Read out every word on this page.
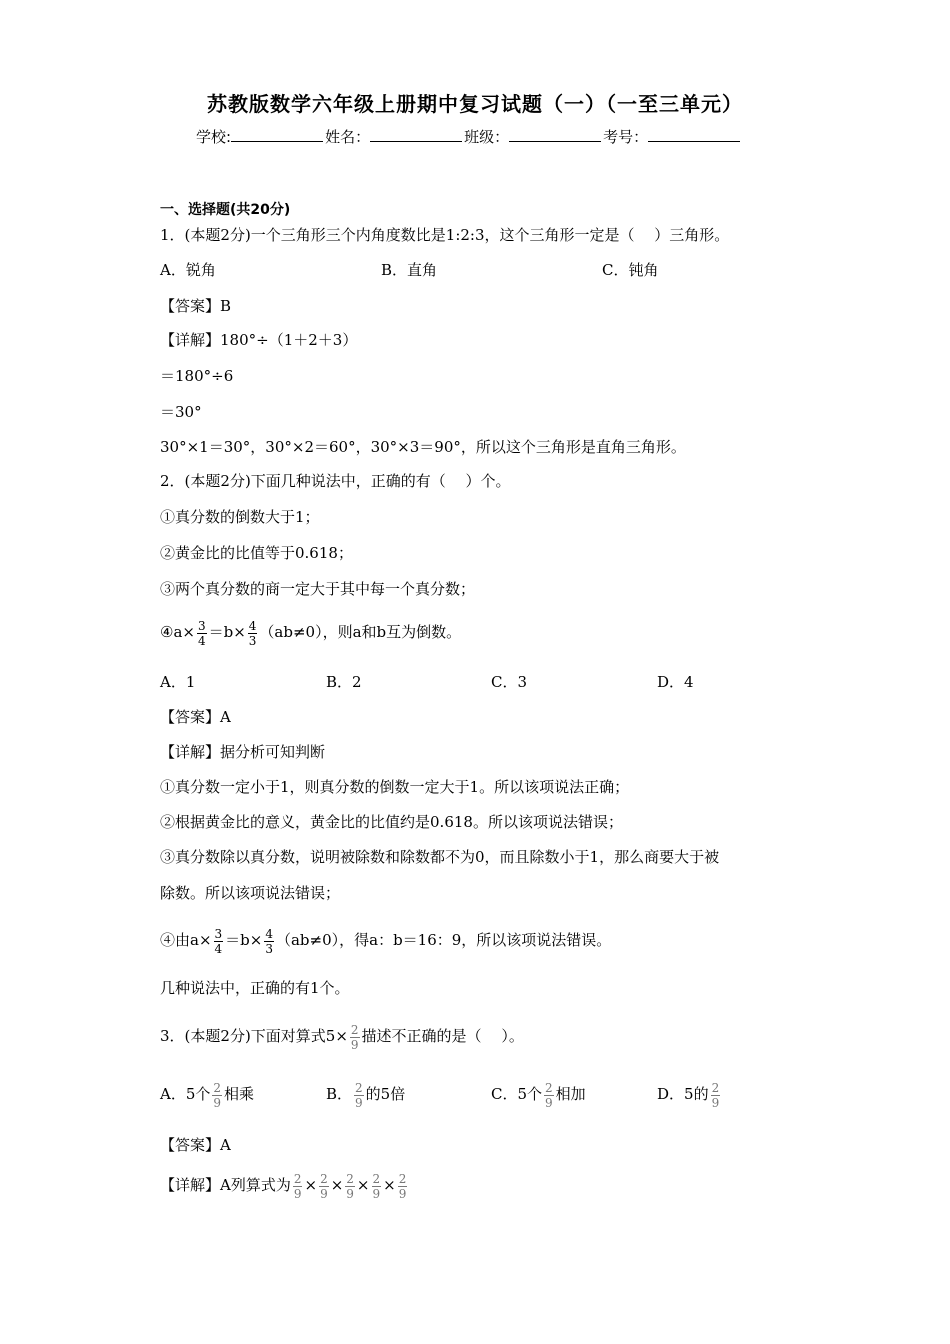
苏教版数学六年级上册期中复习试题（一）（一至三单元）
学校:	姓名：	班级：	考号：
一、选择题(共20分)
1．(本题2分)一个三角形三个内角度数比是1:2:3，这个三角形一定是（　 ）三角形。
A．锐角	B．直角	C．钝角
【答案】B
【详解】180°÷（1＋2＋3）
＝180°÷6
＝30°
30°×1＝30°，30°×2＝60°，30°×3＝90°，所以这个三角形是直角三角形。
2．(本题2分)下面几种说法中，正确的有（　 ）个。
①真分数的倒数大于1；
②黄金比的比值等于0.618；
③两个真分数的商一定大于其中每一个真分数；
④a× $\frac{3}{4} =b\times \frac{4}{3} (ab\ne 0)$，则a和b互为倒数。
A．1	B．2	C．3	D．4
【答案】A
【详解】据分析可知判断
①真分数一定小于1，则真分数的倒数一定大于1。所以该项说法正确；
②根据黄金比的意义，黄金比的比值约是0.618。所以该项说法错误；
③真分数除以真分数，说明被除数和除数都不为0，而且除数小于1，那么商要大于被
除数。所以该项说法错误；
④由$a\times \frac{3}{4} =b\times \frac{4}{3} (ab\ne 0)$，得a：b＝16：9，所以该项说法错误。
几种说法中，正确的有1个。
3．(本题2分)下面对算式$5\times \frac{2}{9}$ 描述不正确的是（　 ）。
A．5个 $\frac{2}{9}$ 相乘	B． $\frac{2}{9}$ 的5倍	C．5个 $\frac{2}{9}$ 相加	D．5的 $\frac{2}{9}$
【答案】A
【详解】A列算式为 $\frac{2}{9} \times \frac{2}{9} \times \frac{2}{9} \times \frac{2}{9} \times \frac{2}{9}$
